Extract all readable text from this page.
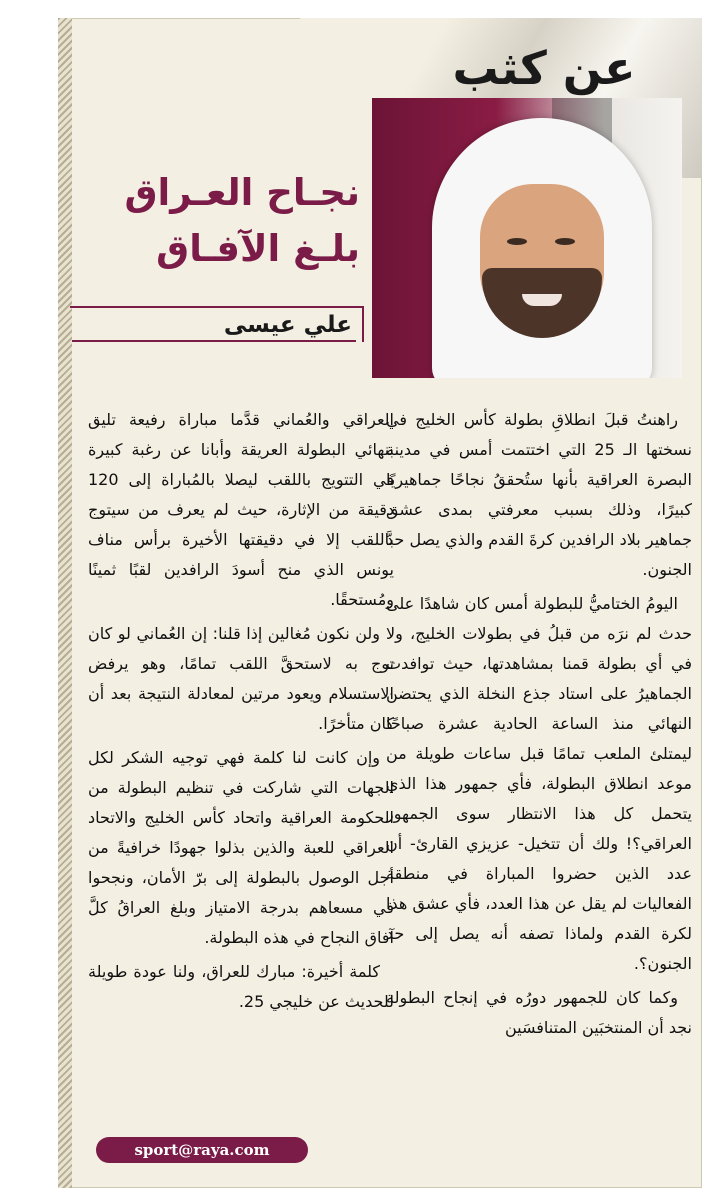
عن كثب
نجـاح العـراق
بلـغ الآفـاق

علي عيسى

راهنتُ قبلَ انطلاقِ بطولة كأس الخليج في نسختها الـ 25 التي اختتمت أمس في مدينة البصرة العراقية بأنها ستُحققُ نجاحًا جماهيريًا كبيرًا، وذلك بسبب معرفتي بمدى عشق جماهير بلاد الرافدين كرةَ القدم والذي يصل حدَّ الجنون.

اليومُ الختاميُّ للبطولة أمس كان شاهدًا على حدث لم نرَه من قبلُ في بطولات الخليج، ولا في أي بطولة قمنا بمشاهدتها، حيث توافدت الجماهيرُ على استاد جذع النخلة الذي يحتضن النهائي منذ الساعة الحادية عشرة صباحًا ليمتلئ الملعب تمامًا قبل ساعات طويلة من موعد انطلاق البطولة، فأي جمهور هذا الذي يتحمل كل هذا الانتظار سوى الجمهور العراقي؟! ولك أن تتخيل- عزيزي القارئ- أن عدد الذين حضروا المباراة في منطقة الفعاليات لم يقل عن هذا العدد، فأي عشق هذا لكرة القدم ولماذا تصفه أنه يصل إلى حد الجنون؟.

وكما كان للجمهور دورُه في إنجاح البطولة نجد أن المنتخبَين المتنافسَين

العراقي والعُماني قدَّما مباراة رفيعة تليق بنهائي البطولة العريقة وأبانا عن رغبة كبيرة في التتويج باللقب ليصلا بالمُباراة إلى 120 دقيقة من الإثارة، حيث لم يعرف من سيتوج باللقب إلا في دقيقتها الأخيرة برأس مناف يونس الذي منح أسودَ الرافدين لقبًا ثمينًا ومُستحقًا.

ولن نكون مُغالين إذا قلنا: إن العُماني لو كان توج به لاستحقَّ اللقب تمامًا، وهو يرفض الاستسلام ويعود مرتين لمعادلة النتيجة بعد أن كان متأخرًا.

وإن كانت لنا كلمة فهي توجيه الشكر لكل الجهات التي شاركت في تنظيم البطولة من الحكومة العراقية واتحاد كأس الخليج والاتحاد العراقي للعبة والذين بذلوا جهودًا خرافيةً من أجل الوصول بالبطولة إلى برّ الأمان، ونجحوا في مسعاهم بدرجة الامتياز وبلغ العراقُ كلَّ آفاق النجاح في هذه البطولة.

كلمة أخيرة: مبارك للعراق، ولنا عودة طويلة للحديث عن خليجي 25.

sport@raya.com
